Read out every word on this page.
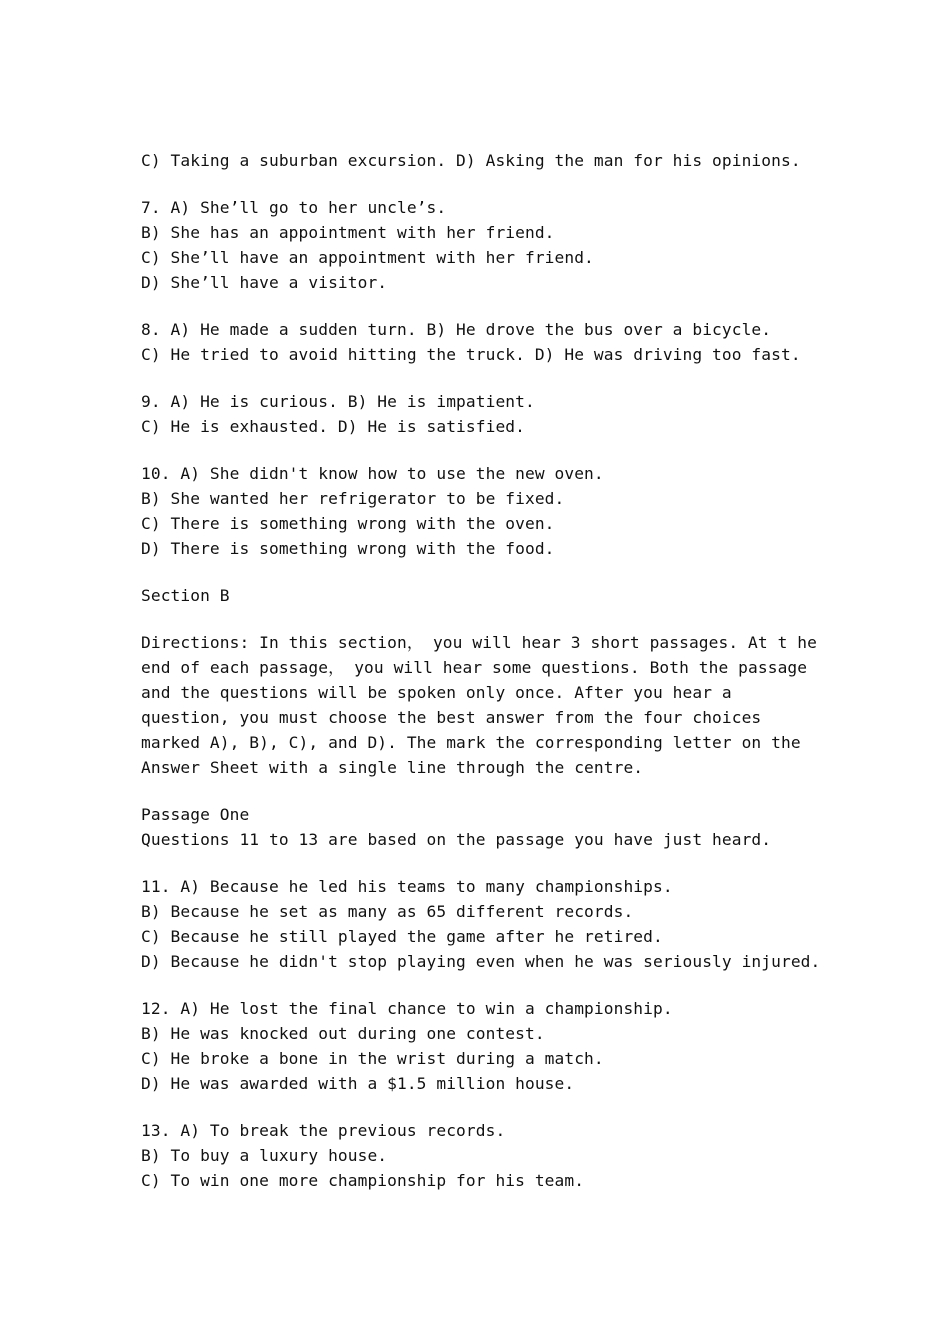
C) Taking a suburban excursion. D) Asking the man for his opinions.
7. A) She’ll go to her uncle’s.
B) She has an appointment with her friend.
C) She’ll have an appointment with her friend.
D) She’ll have a visitor.
8. A) He made a sudden turn. B) He drove the bus over a bicycle.
C) He tried to avoid hitting the truck. D) He was driving too fast.
9. A) He is curious. B) He is impatient.
C) He is exhausted. D) He is satisfied.
10. A) She didn't know how to use the new oven.
B) She wanted her refrigerator to be fixed.
C) There is something wrong with the oven.
D) There is something wrong with the food.
Section B
Directions: In this section， you will hear 3 short passages. At t he
end of each passage， you will hear some questions. Both the passage
and the questions will be spoken only once. After you hear a
question, you must choose the best answer from the four choices
marked A), B), C), and D). The mark the corresponding letter on the
Answer Sheet with a single line through the centre.
Passage One
Questions 11 to 13 are based on the passage you have just heard.
11. A) Because he led his teams to many championships.
B) Because he set as many as 65 different records.
C) Because he still played the game after he retired.
D) Because he didn't stop playing even when he was seriously injured.
12. A) He lost the final chance to win a championship.
B) He was knocked out during one contest.
C) He broke a bone in the wrist during a match.
D) He was awarded with a $1.5 million house.
13. A) To break the previous records.
B) To buy a luxury house.
C) To win one more championship for his team.
